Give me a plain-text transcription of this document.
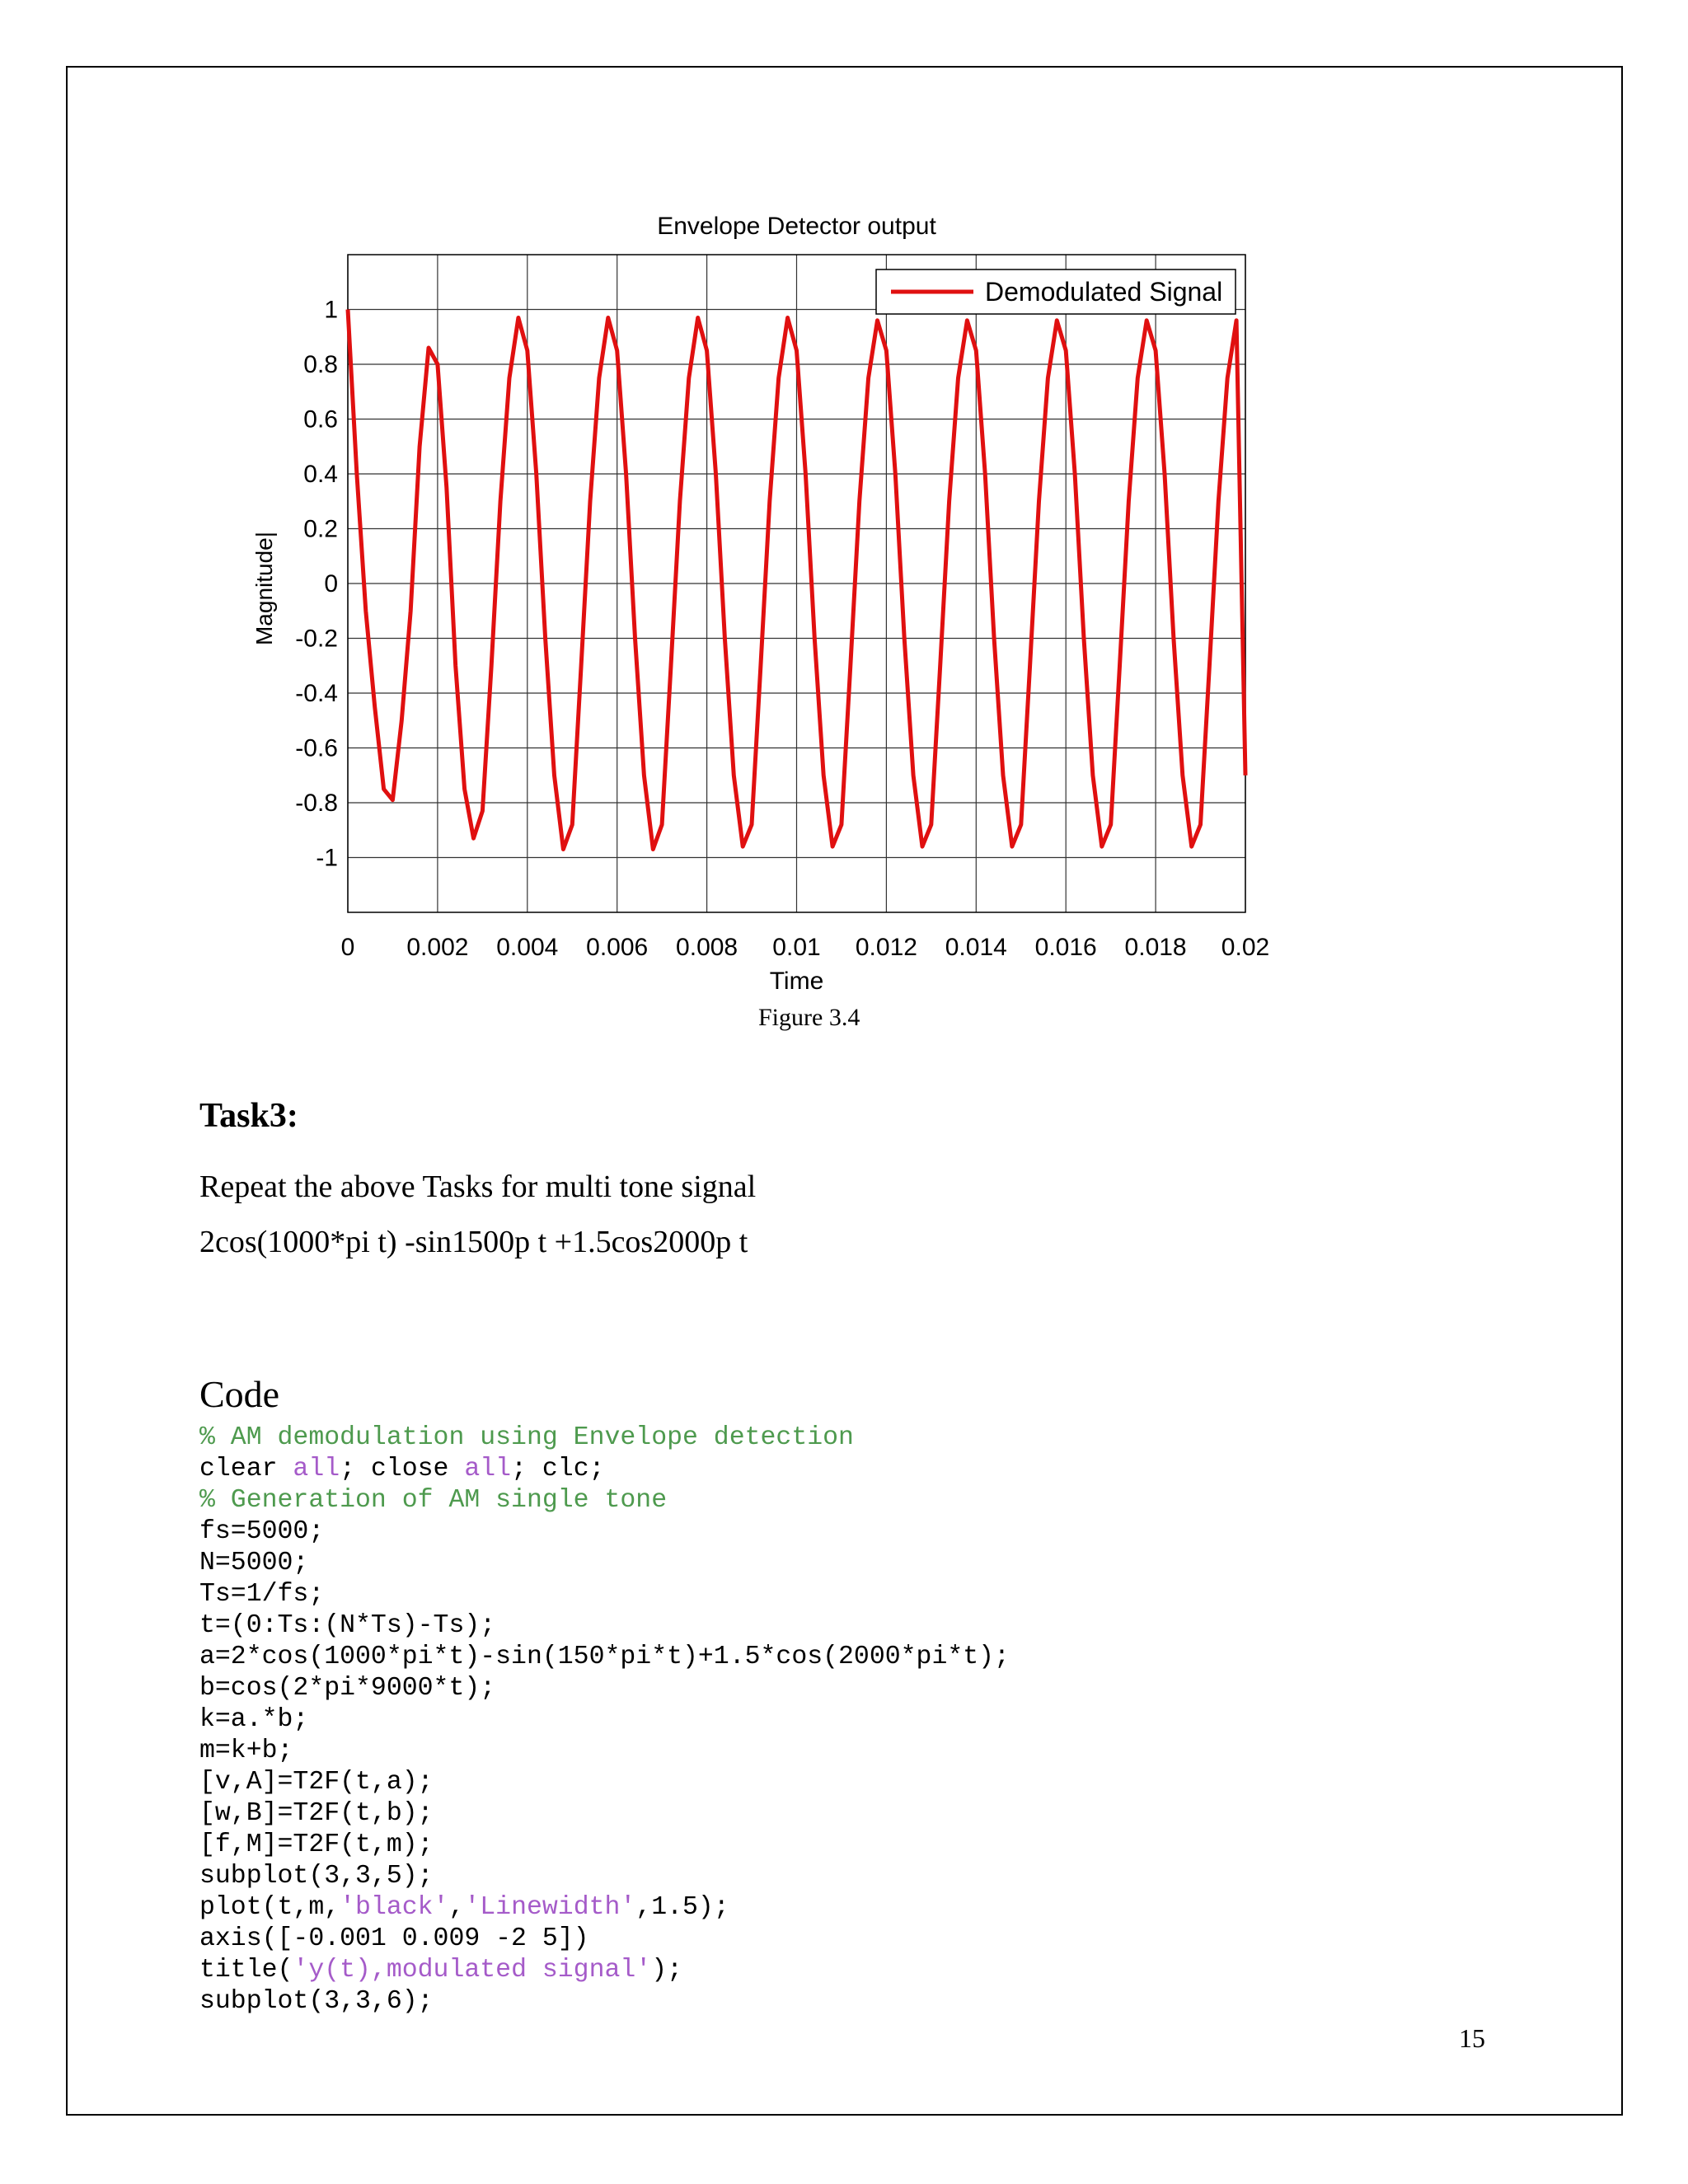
0 0.002 0.004 0.006 0.008 0.01 0.012 0.014 0.016 0.018 0.02
1
0.8
0.6
0.4
0.2
0
-0.2
-0.4
-0.6
-0.8
-1
Demodulated Signal
Envelope Detector output
Time
Magnitude|
Figure 3.4
Task3:
Repeat the above Tasks for multi tone signal
2cos(1000*pi t) -sin1500p t +1.5cos2000p t
Code
% AM demodulation using Envelope detection
clear all; close all; clc;
% Generation of AM single tone
fs=5000;
N=5000;
Ts=1/fs;
t=(0:Ts:(N*Ts)-Ts);
a=2*cos(1000*pi*t)-sin(150*pi*t)+1.5*cos(2000*pi*t);
b=cos(2*pi*9000*t);
k=a.*b;
m=k+b;
[v,A]=T2F(t,a);
[w,B]=T2F(t,b);
[f,M]=T2F(t,m);
subplot(3,3,5);
plot(t,m,'black','Linewidth',1.5);
axis([-0.001 0.009 -2 5])
title('y(t),modulated signal');
subplot(3,3,6);
15
